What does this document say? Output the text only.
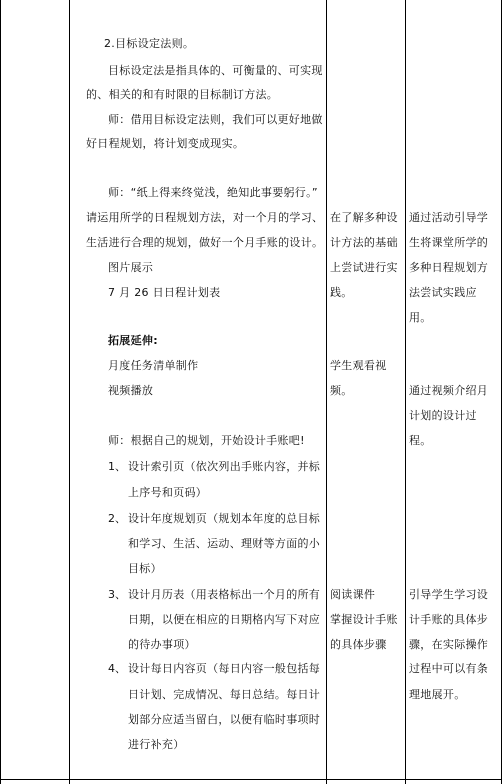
2.目标设定法则。
目标设定法是指具体的、可衡量的、可实现
的、相关的和有时限的目标制订方法。
师：借用目标设定法则，我们可以更好地做
好日程规划，将计划变成现实。
师：“纸上得来终觉浅，绝知此事要躬行。”
请运用所学的日程规划方法，对一个月的学习、
生活进行合理的规划，做好一个月手账的设计。
图片展示
7 月 26 日日程计划表
拓展延伸:
月度任务清单制作
视频播放
师：根据自己的规划，开始设计手账吧!
1、 设计索引页（依次列出手账内容，并标
上序号和页码）
2、 设计年度规划页（规划本年度的总目标
和学习、生活、运动、理财等方面的小
目标）
3、 设计月历表（用表格标出一个月的所有
日期，以便在相应的日期格内写下对应
的待办事项）
4、 设计每日内容页（每日内容一般包括每
日计划、完成情况、每日总结。每日计
划部分应适当留白，以便有临时事项时
进行补充）
在了解多种设
计方法的基础
上尝试进行实
践。
学生观看视
频。
阅读课件
掌握设计手账
的具体步骤
通过活动引导学
生将课堂所学的
多种日程规划方
法尝试实践应
用。
通过视频介绍月
计划的设计过
程。
引导学生学习设
计手账的具体步
骤，在实际操作
过程中可以有条
理地展开。
